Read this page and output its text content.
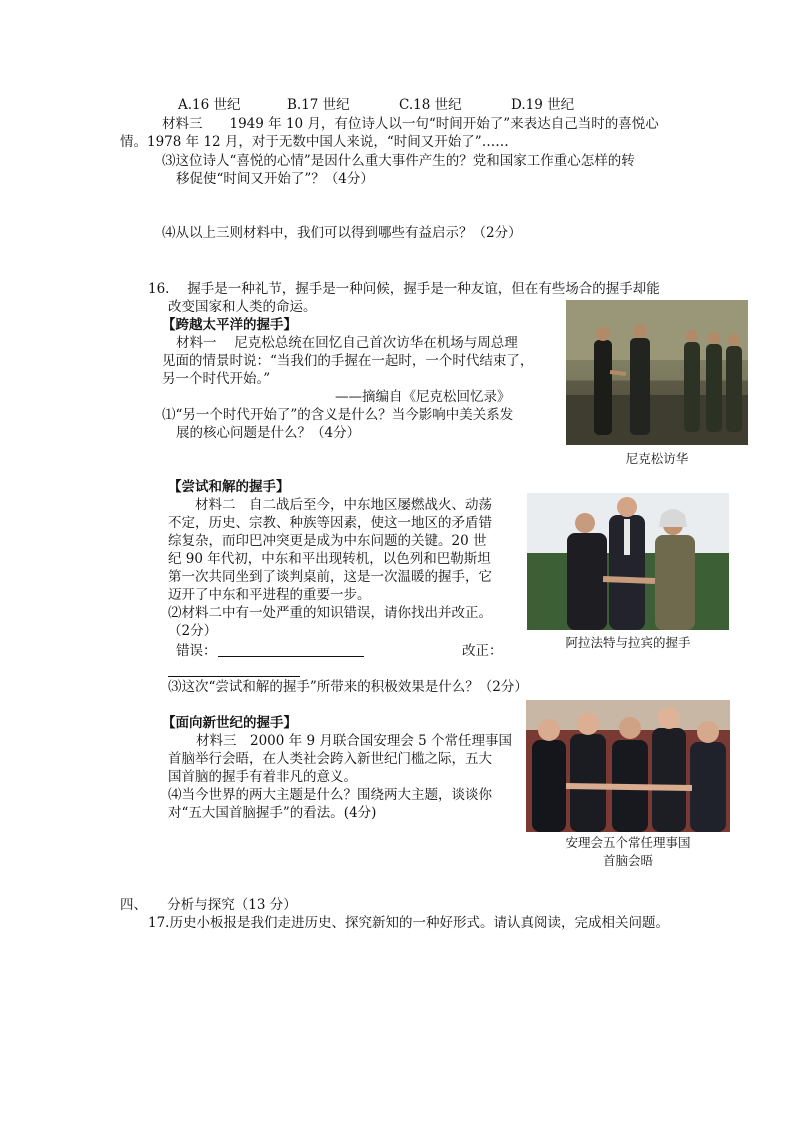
A.16 世纪	B.17 世纪	C.18 世纪	D.19 世纪
材料三　　1949 年 10 月，有位诗人以一句“时间开始了”来表达自己当时的喜悦心
情。1978 年 12 月，对于无数中国人来说，“时间又开始了”……
⑶这位诗人“喜悦的心情”是因什么重大事件产生的？党和国家工作重心怎样的转
移促使“时间又开始了”？（4分）
⑷从以上三则材料中，我们可以得到哪些有益启示？（2分）
16.　 握手是一种礼节，握手是一种问候，握手是一种友谊，但在有些场合的握手却能
改变国家和人类的命运。
【跨越太平洋的握手】
材料一　 尼克松总统在回忆自己首次访华在机场与周总理
见面的情景时说：“当我们的手握在一起时，一个时代结束了，
另一个时代开始。”
——摘编自《尼克松回忆录》
⑴“另一个时代开始了”的含义是什么？当今影响中美关系发
展的核心问题是什么？（4分）
尼克松访华
【尝试和解的握手】
材料二　自二战后至今，中东地区屡燃战火、动荡
不定，历史、宗教、种族等因素，使这一地区的矛盾错
综复杂，而印巴冲突更是成为中东问题的关键。20 世
纪 90 年代初，中东和平出现转机，以色列和巴勒斯坦
第一次共同坐到了谈判桌前，这是一次温暖的握手，它
迈开了中东和平进程的重要一步。
⑵材料二中有一处严重的知识错误，请你找出并改正。
（2分）
错误：	改正：
⑶这次“尝试和解的握手”所带来的积极效果是什么？（2分）
阿拉法特与拉宾的握手
【面向新世纪的握手】
材料三　2000 年 9 月联合国安理会 5 个常任理事国
首脑举行会晤，在人类社会跨入新世纪门槛之际，五大
国首脑的握手有着非凡的意义。
⑷当今世界的两大主题是什么？围绕两大主题，谈谈你
对“五大国首脑握手”的看法。(4分)
安理会五个常任理事国
首脑会晤
四、　　分析与探究（13 分）
17.历史小板报是我们走进历史、探究新知的一种好形式。请认真阅读，完成相关问题。
